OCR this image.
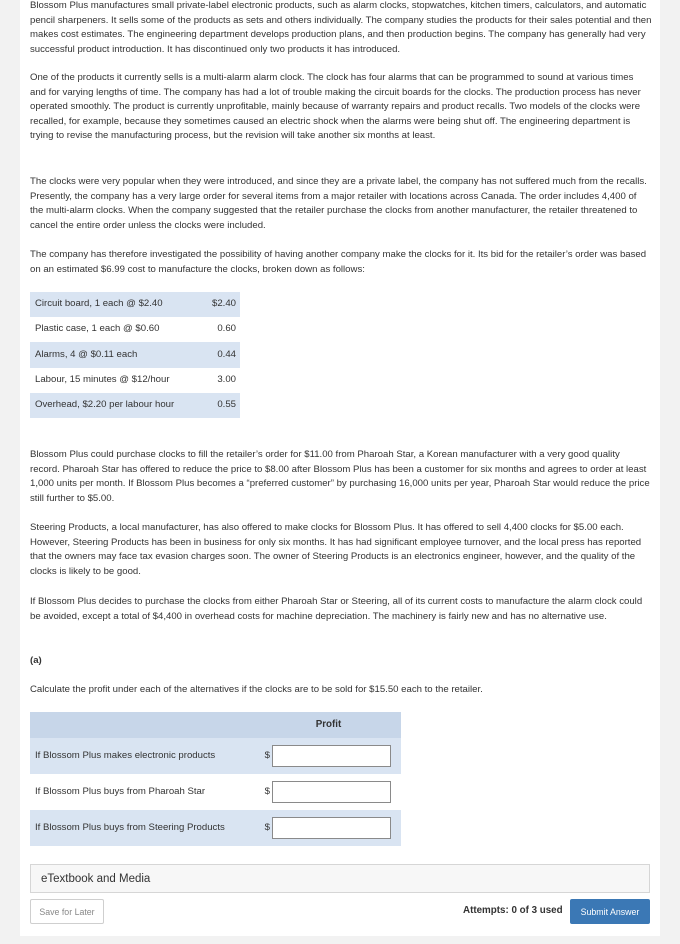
Blossom Plus manufactures small private-label electronic products, such as alarm clocks, stopwatches, kitchen timers, calculators, and automatic pencil sharpeners. It sells some of the products as sets and others individually. The company studies the products for their sales potential and then makes cost estimates. The engineering department develops production plans, and then production begins. The company has generally had very successful product introduction. It has discontinued only two products it has introduced.

One of the products it currently sells is a multi-alarm alarm clock. The clock has four alarms that can be programmed to sound at various times and for varying lengths of time. The company has had a lot of trouble making the circuit boards for the clocks. The production process has never operated smoothly. The product is currently unprofitable, mainly because of warranty repairs and product recalls. Two models of the clocks were recalled, for example, because they sometimes caused an electric shock when the alarms were being shut off. The engineering department is trying to revise the manufacturing process, but the revision will take another six months at least.

The clocks were very popular when they were introduced, and since they are a private label, the company has not suffered much from the recalls. Presently, the company has a very large order for several items from a major retailer with locations across Canada. The order includes 4,400 of the multi-alarm clocks. When the company suggested that the retailer purchase the clocks from another manufacturer, the retailer threatened to cancel the entire order unless the clocks were included.

The company has therefore investigated the possibility of having another company make the clocks for it. Its bid for the retailer’s order was based on an estimated $6.99 cost to manufacture the clocks, broken down as follows:

Circuit board, 1 each @ $2.40	$2.40
Plastic case, 1 each @ $0.60	0.60
Alarms, 4 @ $0.11 each	0.44
Labour, 15 minutes @ $12/hour	3.00
Overhead, $2.20 per labour hour	0.55

Blossom Plus could purchase clocks to fill the retailer’s order for $11.00 from Pharoah Star, a Korean manufacturer with a very good quality record. Pharoah Star has offered to reduce the price to $8.00 after Blossom Plus has been a customer for six months and agrees to order at least 1,000 units per month. If Blossom Plus becomes a “preferred customer” by purchasing 16,000 units per year, Pharoah Star would reduce the price still further to $5.00.

Steering Products, a local manufacturer, has also offered to make clocks for Blossom Plus. It has offered to sell 4,400 clocks for $5.00 each. However, Steering Products has been in business for only six months. It has had significant employee turnover, and the local press has reported that the owners may face tax evasion charges soon. The owner of Steering Products is an electronics engineer, however, and the quality of the clocks is likely to be good.

If Blossom Plus decides to purchase the clocks from either Pharoah Star or Steering, all of its current costs to manufacture the alarm clock could be avoided, except a total of $4,400 in overhead costs for machine depreciation. The machinery is fairly new and has no alternative use.

(a)

Calculate the profit under each of the alternatives if the clocks are to be sold for $15.50 each to the retailer.

	Profit	
If Blossom Plus makes electronic products	$	
If Blossom Plus buys from Pharoah Star	$	
If Blossom Plus buys from Steering Products	$	
eTextbook and Media
Save for Later	Attempts: 0 of 3 used	Submit Answer
